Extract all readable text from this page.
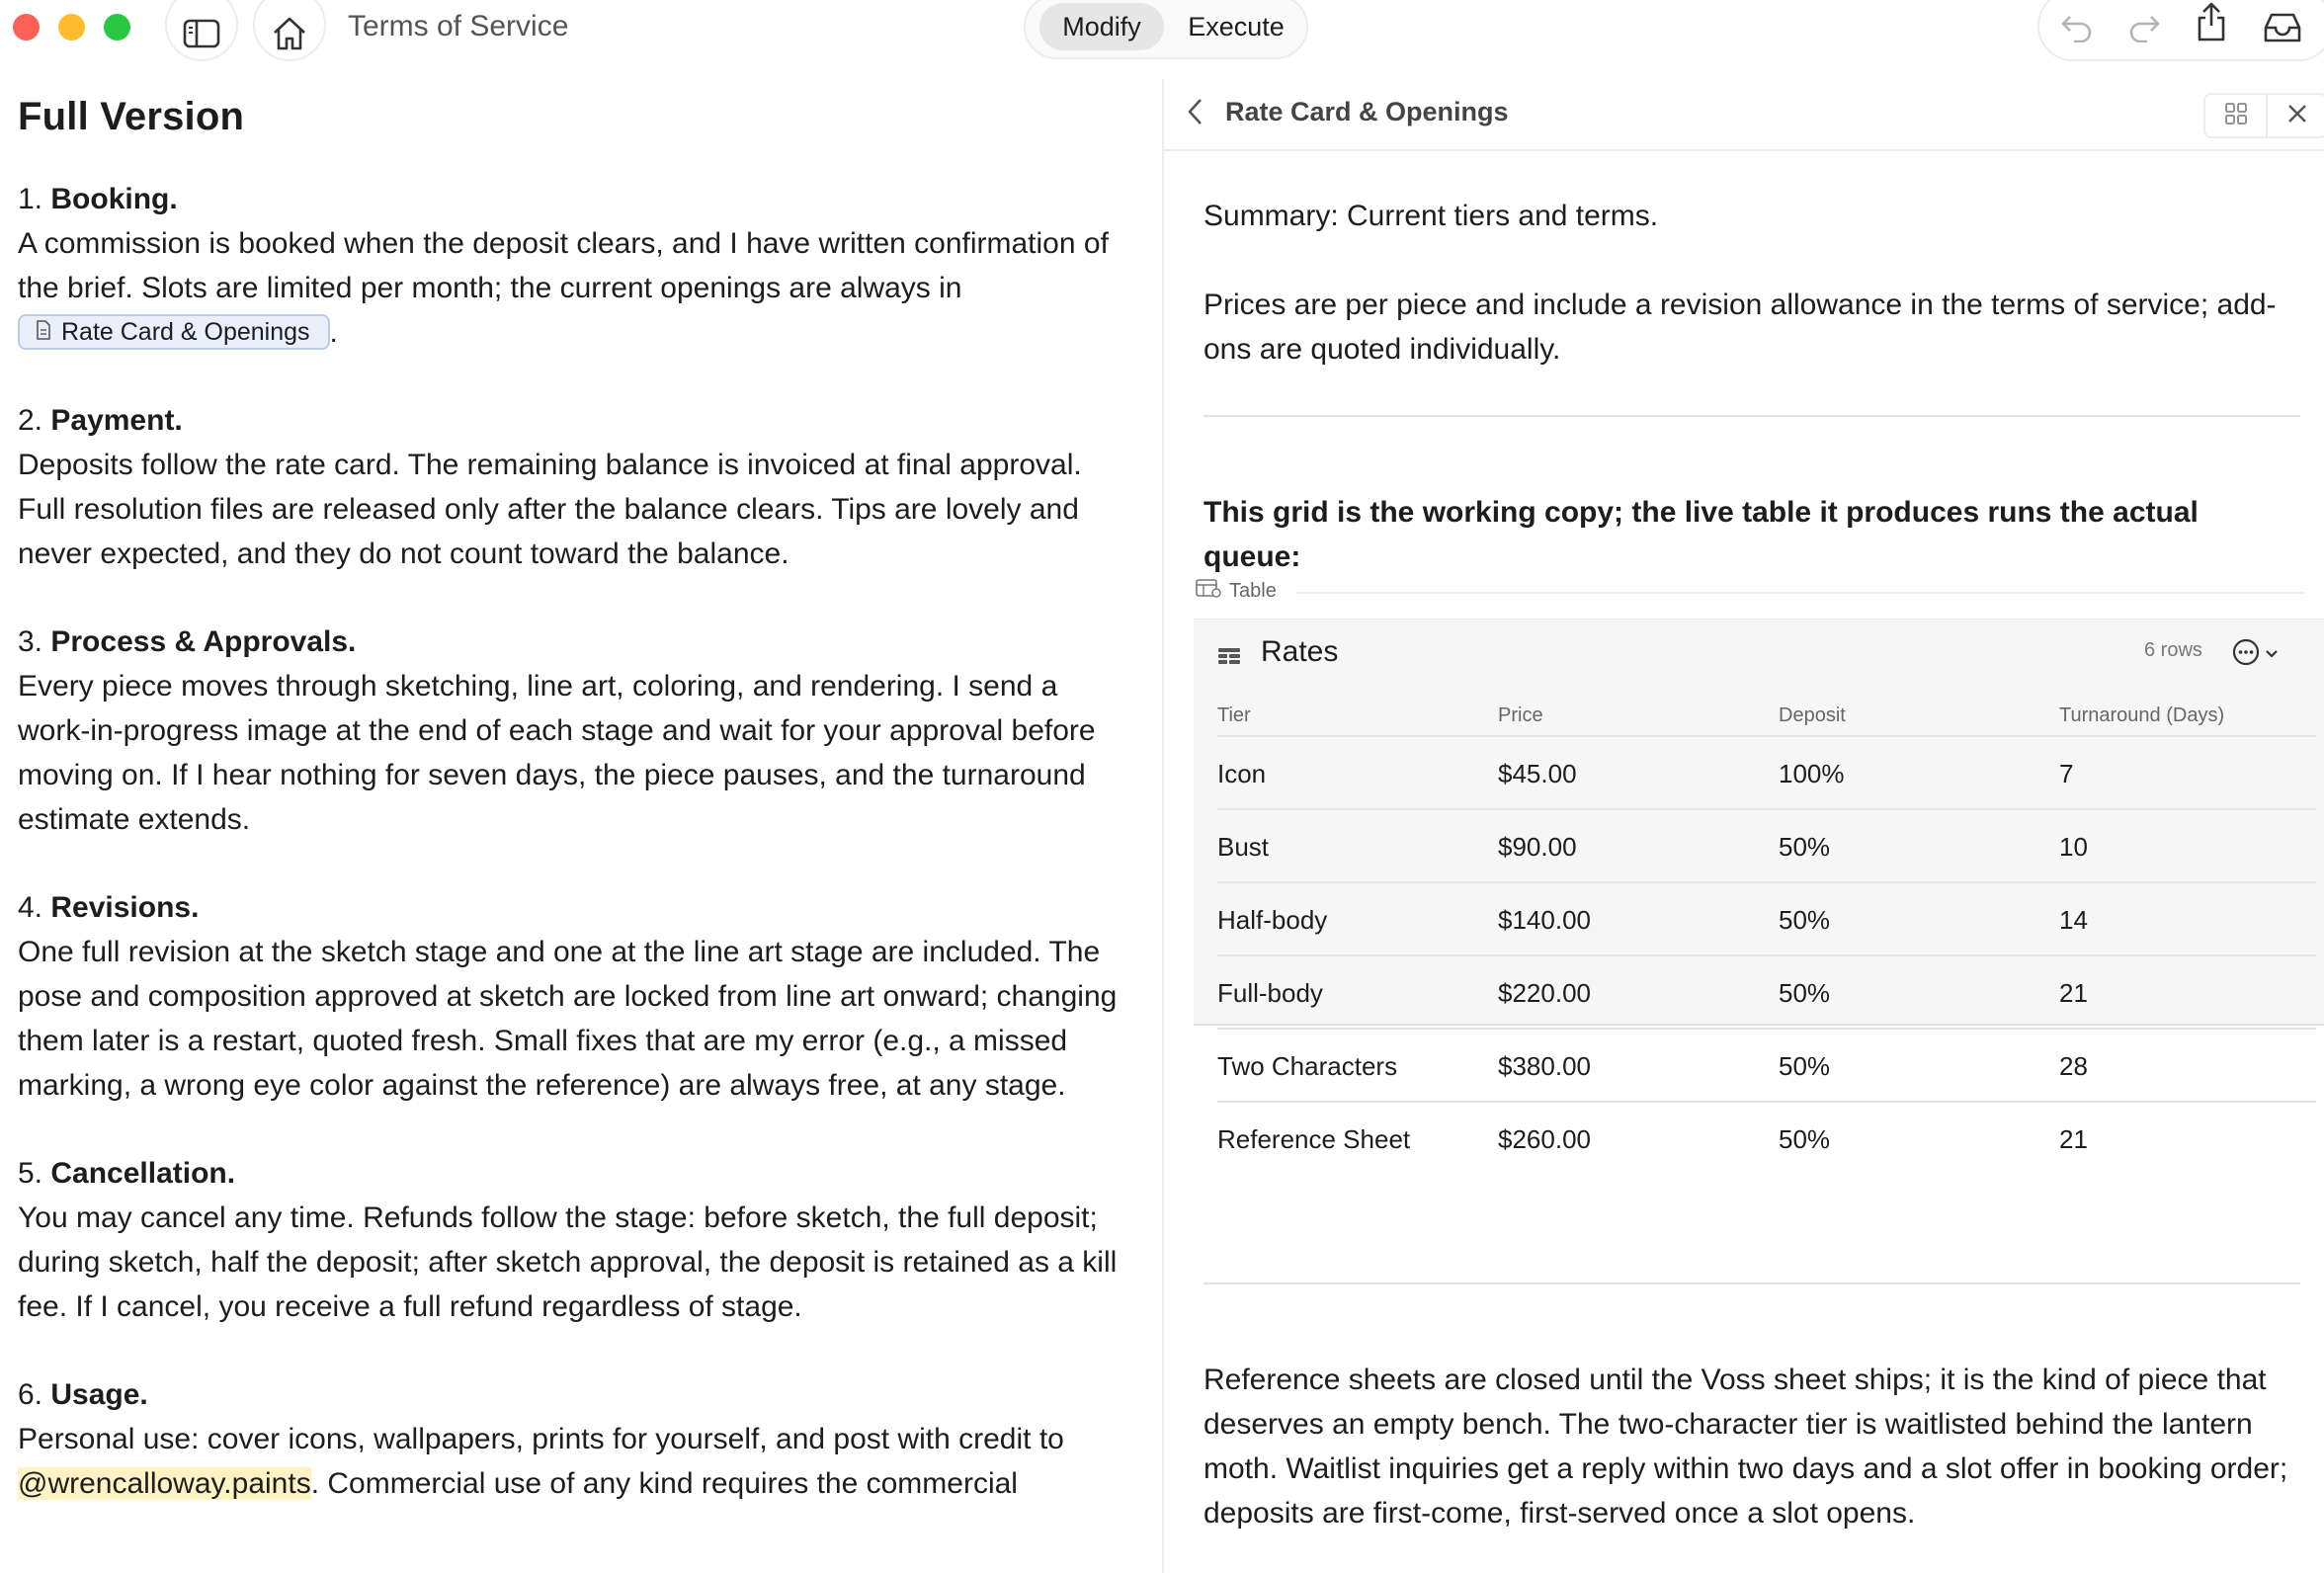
Terms of Service	Modify	Execute
Full Version
1. Booking.
A commission is booked when the deposit clears, and I have written confirmation of the brief. Slots are limited per month; the current openings are always in

Rate Card & Openings .
2. Payment.
Deposits follow the rate card. The remaining balance is invoiced at final approval. Full resolution files are released only after the balance clears. Tips are lovely and never expected, and they do not count toward the balance.
3. Process & Approvals.
Every piece moves through sketching, line art, coloring, and rendering. I send a work-in-progress image at the end of each stage and wait for your approval before moving on. If I hear nothing for seven days, the piece pauses, and the turnaround estimate extends.
4. Revisions.
One full revision at the sketch stage and one at the line art stage are included. The pose and composition approved at sketch are locked from line art onward; changing them later is a restart, quoted fresh. Small fixes that are my error (e.g., a missed marking, a wrong eye color against the reference) are always free, at any stage.
5. Cancellation.
You may cancel any time. Refunds follow the stage: before sketch, the full deposit; during sketch, half the deposit; after sketch approval, the deposit is retained as a kill fee. If I cancel, you receive a full refund regardless of stage.
6. Usage.
Personal use: cover icons, wallpapers, prints for yourself, and post with credit to @wrencalloway.paints. Commercial use of any kind requires the commercial
Rate Card & Openings
Summary: Current tiers and terms.
Prices are per piece and include a revision allowance in the terms of service; add-ons are quoted individually.
This grid is the working copy; the live table it produces runs the actual queue:
Table
Rates	6 rows
Tier	Price	Deposit	Turnaround (Days)
Icon	$45.00	100%	7
Bust	$90.00	50%	10
Half-body	$140.00	50%	14
Full-body	$220.00	50%	21
Two Characters	$380.00	50%	28
Reference Sheet	$260.00	50%	21
Reference sheets are closed until the Voss sheet ships; it is the kind of piece that deserves an empty bench. The two-character tier is waitlisted behind the lantern moth. Waitlist inquiries get a reply within two days and a slot offer in booking order; deposits are first-come, first-served once a slot opens.
